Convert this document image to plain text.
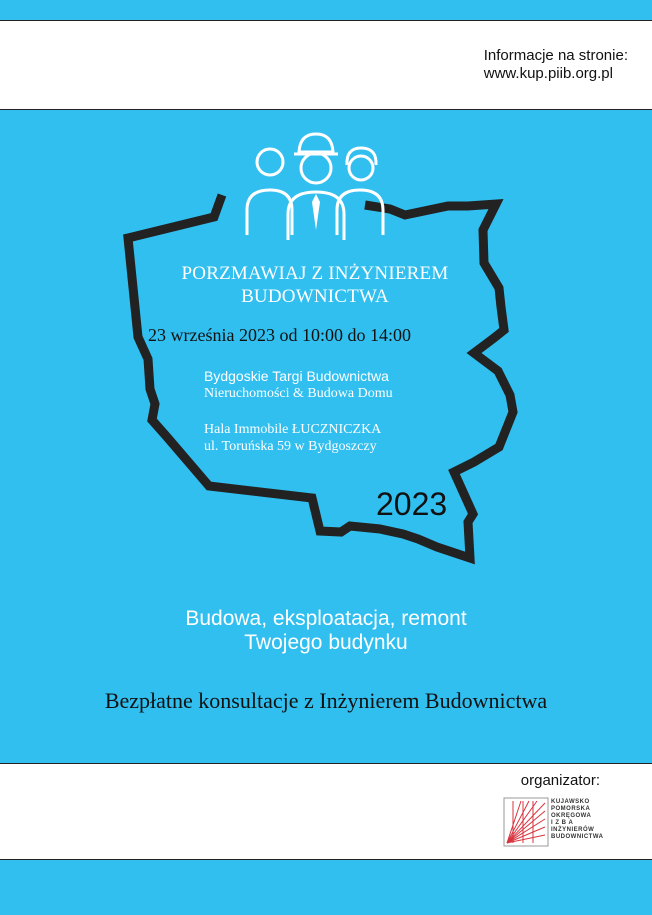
Informacje na stronie:
www.kup.piib.org.pl
PORZMAWIAJ Z INŻYNIEREM
BUDOWNICTWA
23 września 2023 od 10:00 do 14:00
Bydgoskie Targi Budownictwa
Nieruchomości & Budowa Domu
Hala Immobile ŁUCZNICZKA
ul. Toruńska 59 w Bydgoszczy
2023
Budowa, eksploatacja, remont
Twojego budynku
Bezpłatne konsultacje z Inżynierem Budownictwa
organizator:
KUJAWSKO
POMORSKA
OKRĘGOWA
I Z B A
INŻYNIERÓW
BUDOWNICTWA
